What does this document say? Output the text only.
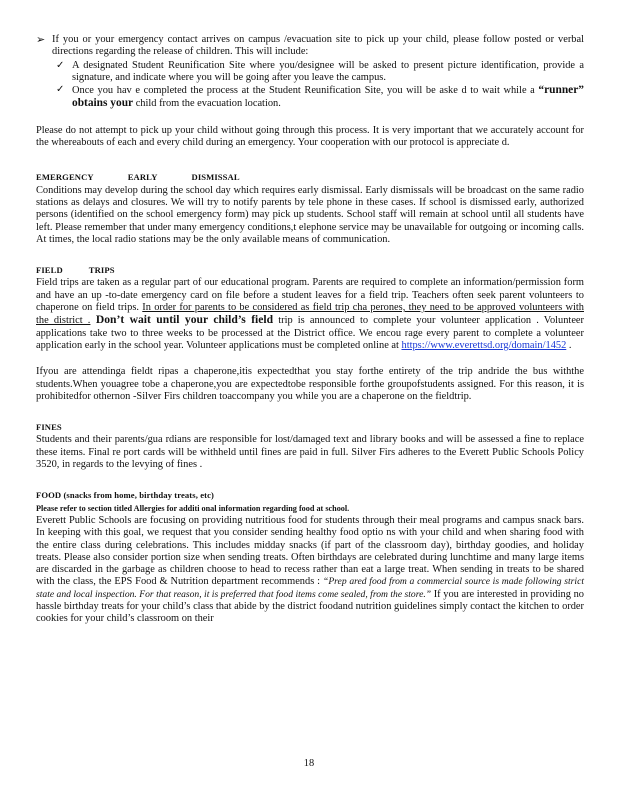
➢ If you or your emergency contact arrives on campus /evacuation site to pick up your child, please follow posted or verbal directions regarding the release of children. This will include:
✓ A designated Student Reunification Site where you/designee will be asked to present picture identification, provide a signature, and indicate where you will be going after you leave the campus.
✓ Once you hav e completed the process at the Student Reunification Site, you will be aske d to wait while a “runner” obtains your child from the evacuation location.

Please do not attempt to pick up your child without going through this process. It is very important that we accurately account for the whereabouts of each and every child during an emergency. Your cooperation with our protocol is appreciate d.

EMERGENCY	EARLY	DISMISSAL

Conditions may develop during the school day which requires early dismissal. Early dismissals will be broadcast on the same radio stations as delays and closures. We will try to notify parents by tele phone in these cases. If school is dismissed early, authorized persons (identified on the school emergency form) may pick up students. School staff will remain at school until all students have left. Please remember that under many emergency conditions,t elephone service may be unavailable for outgoing or incoming calls. At times, the local radio stations may be the only available means of communication.

FIELD	TRIPS

Field trips are taken as a regular part of our educational program. Parents are required to complete an information/permission form and have an up -to-date emergency card on file before a student leaves for a field trip. Teachers often seek parent volunteers to chaperone on field trips. In order for parents to be considered as field trip cha perones, they need to be approved volunteers with the district . Don’t wait until your child’s field trip is announced to complete your volunteer application . Volunteer applications take two to three weeks to be processed at the District office. We encou rage every parent to complete a volunteer application early in the school year. Volunteer applications must be completed online at https://www.everettsd.org/domain/1452 .

Ifyou are attendinga fieldt ripas a chaperone,itis expectedthat you stay forthe entirety of the trip andride the bus withthe students.When youagree tobe a chaperone,you are expectedtobe responsible forthe groupofstudents assigned. For this reason, it is prohibitedfor othernon -Silver Firs children toaccompany you while you are a chaperone on the fieldtrip.

FINES

Students and their parents/gua rdians are responsible for lost/damaged text and library books and will be assessed a fine to replace these items. Final re port cards will be withheld until fines are paid in full. Silver Firs adheres to the Everett Public Schools Policy 3520, in regards to the levying of fines .

FOOD (snacks from home, birthday treats, etc)
Please refer to section titled Allergies for additi onal information regarding food at school.

Everett Public Schools are focusing on providing nutritious food for students through their meal programs and campus snack bars. In keeping with this goal, we request that you consider sending healthy food optio ns with your child and when sharing food with the entire class during celebrations. This includes midday snacks (if part of the classroom day), birthday goodies, and holiday treats. Please also consider portion size when sending treats. Often birthdays are celebrated during lunchtime and many large items are discarded in the garbage as children choose to head to recess rather than eat a large treat. When sending in treats to be shared with the class, the EPS Food & Nutrition department recommends : “Prep ared food from a commercial source is made following strict state and local inspection. For that reason, it is preferred that food items come sealed, from the store.” If you are interested in providing no hassle birthday treats for your child’s class that abide by the district foodand nutrition guidelines simply contact the kitchen to order cookies for your child’s classroom on their

18
